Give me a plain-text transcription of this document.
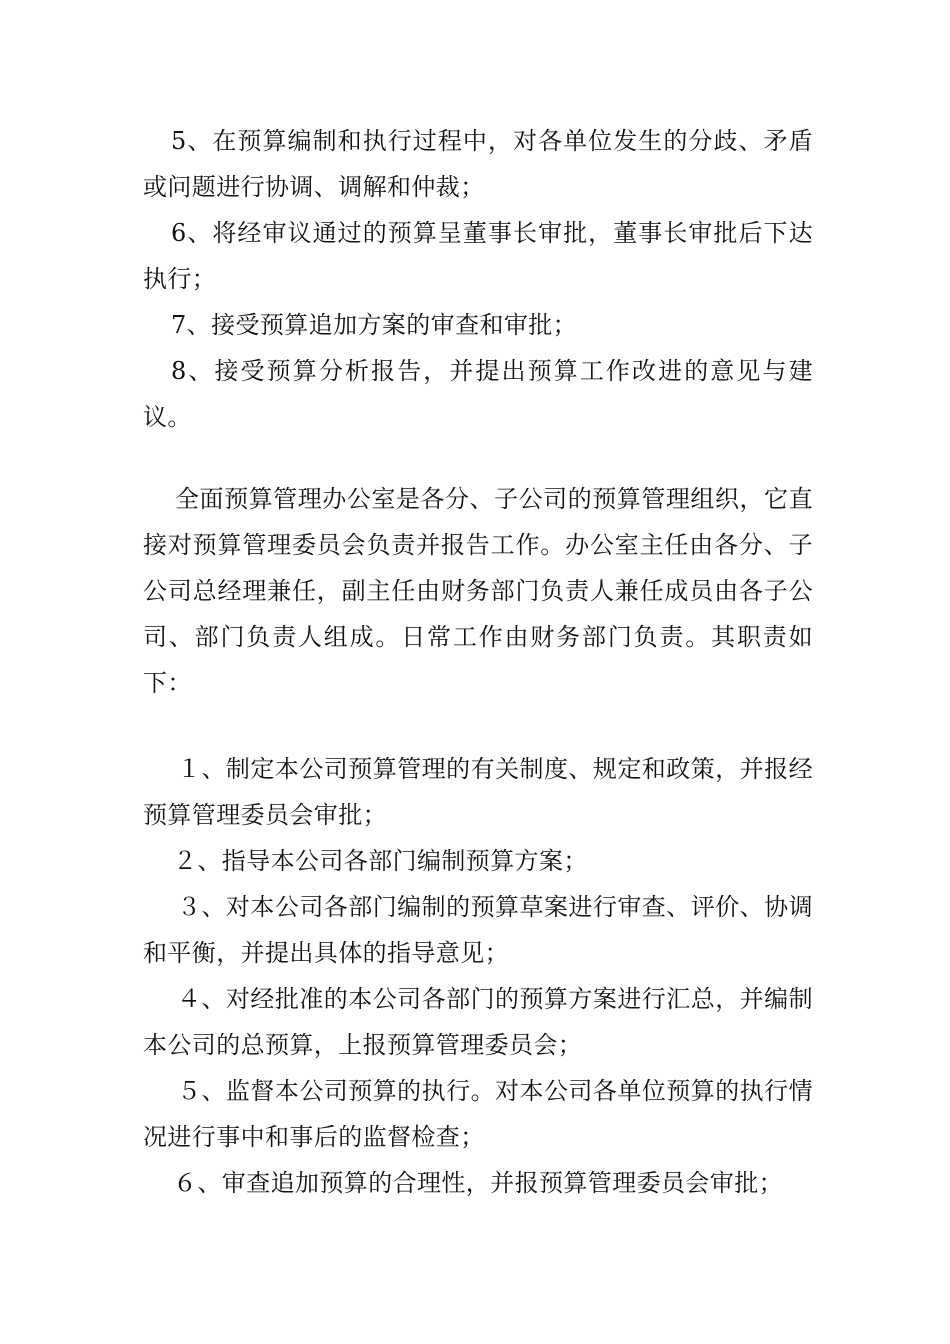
5、在预算编制和执行过程中，对各单位发生的分歧、矛盾或问题进行协调、调解和仲裁；

6、将经审议通过的预算呈董事长审批，董事长审批后下达执行；

7、接受预算追加方案的审查和审批；

8、接受预算分析报告，并提出预算工作改进的意见与建议。

全面预算管理办公室是各分、子公司的预算管理组织，它直接对预算管理委员会负责并报告工作。办公室主任由各分、子公司总经理兼任，副主任由财务部门负责人兼任成员由各子公司、部门负责人组成。日常工作由财务部门负责。其职责如下：

１、制定本公司预算管理的有关制度、规定和政策，并报经预算管理委员会审批；

２、指导本公司各部门编制预算方案；

３、对本公司各部门编制的预算草案进行审查、评价、协调和平衡，并提出具体的指导意见；

４、对经批准的本公司各部门的预算方案进行汇总，并编制本公司的总预算，上报预算管理委员会；

５、监督本公司预算的执行。对本公司各单位预算的执行情况进行事中和事后的监督检查；

６、审查追加预算的合理性，并报预算管理委员会审批；
